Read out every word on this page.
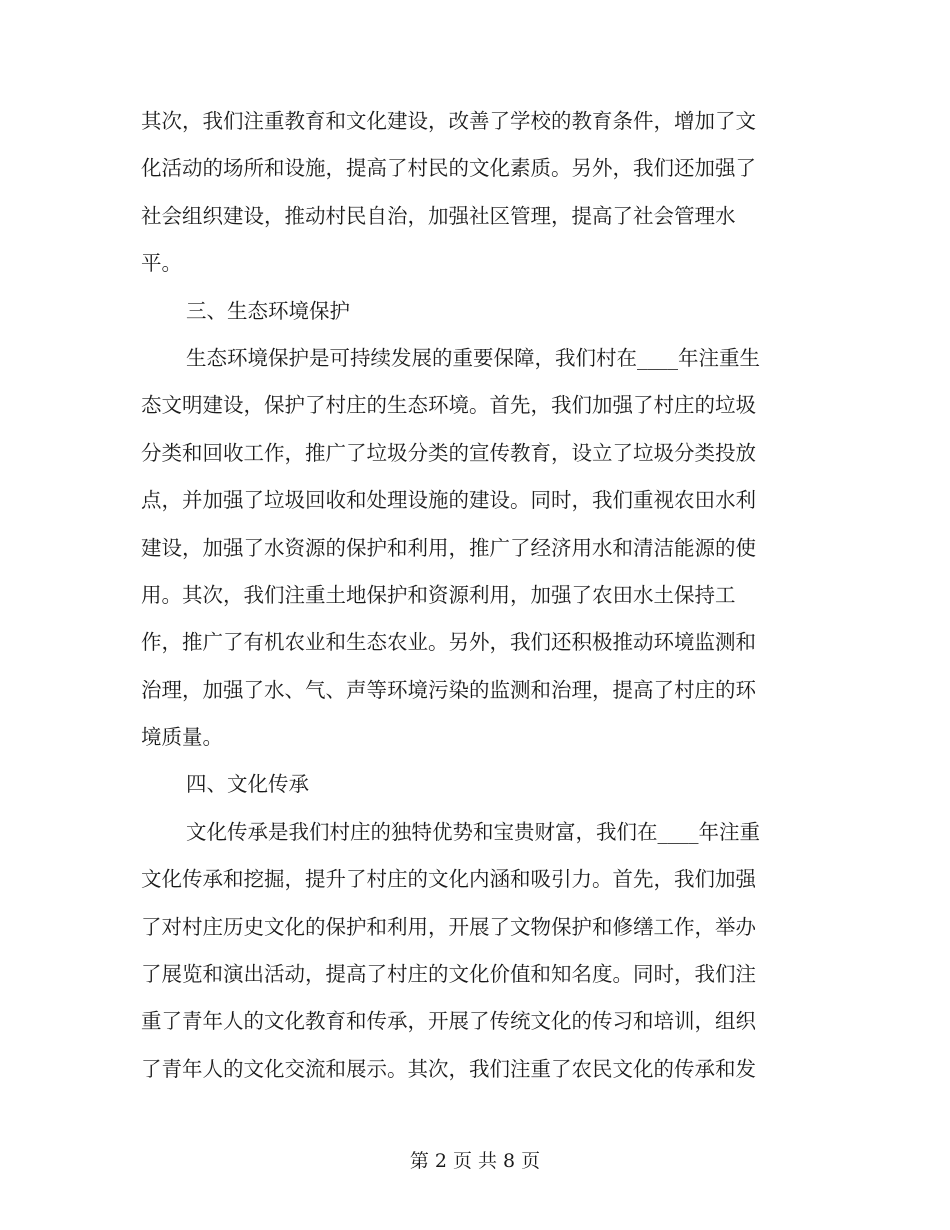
其次，我们注重教育和文化建设，改善了学校的教育条件，增加了文
化活动的场所和设施，提高了村民的文化素质。另外，我们还加强了
社会组织建设，推动村民自治，加强社区管理，提高了社会管理水
平。
三、生态环境保护
生态环境保护是可持续发展的重要保障，我们村在____年注重生
态文明建设，保护了村庄的生态环境。首先，我们加强了村庄的垃圾
分类和回收工作，推广了垃圾分类的宣传教育，设立了垃圾分类投放
点，并加强了垃圾回收和处理设施的建设。同时，我们重视农田水利
建设，加强了水资源的保护和利用，推广了经济用水和清洁能源的使
用。其次，我们注重土地保护和资源利用，加强了农田水土保持工
作，推广了有机农业和生态农业。另外，我们还积极推动环境监测和
治理，加强了水、气、声等环境污染的监测和治理，提高了村庄的环
境质量。
四、文化传承
文化传承是我们村庄的独特优势和宝贵财富，我们在____年注重
文化传承和挖掘，提升了村庄的文化内涵和吸引力。首先，我们加强
了对村庄历史文化的保护和利用，开展了文物保护和修缮工作，举办
了展览和演出活动，提高了村庄的文化价值和知名度。同时，我们注
重了青年人的文化教育和传承，开展了传统文化的传习和培训，组织
了青年人的文化交流和展示。其次，我们注重了农民文化的传承和发
第 2 页 共 8 页
